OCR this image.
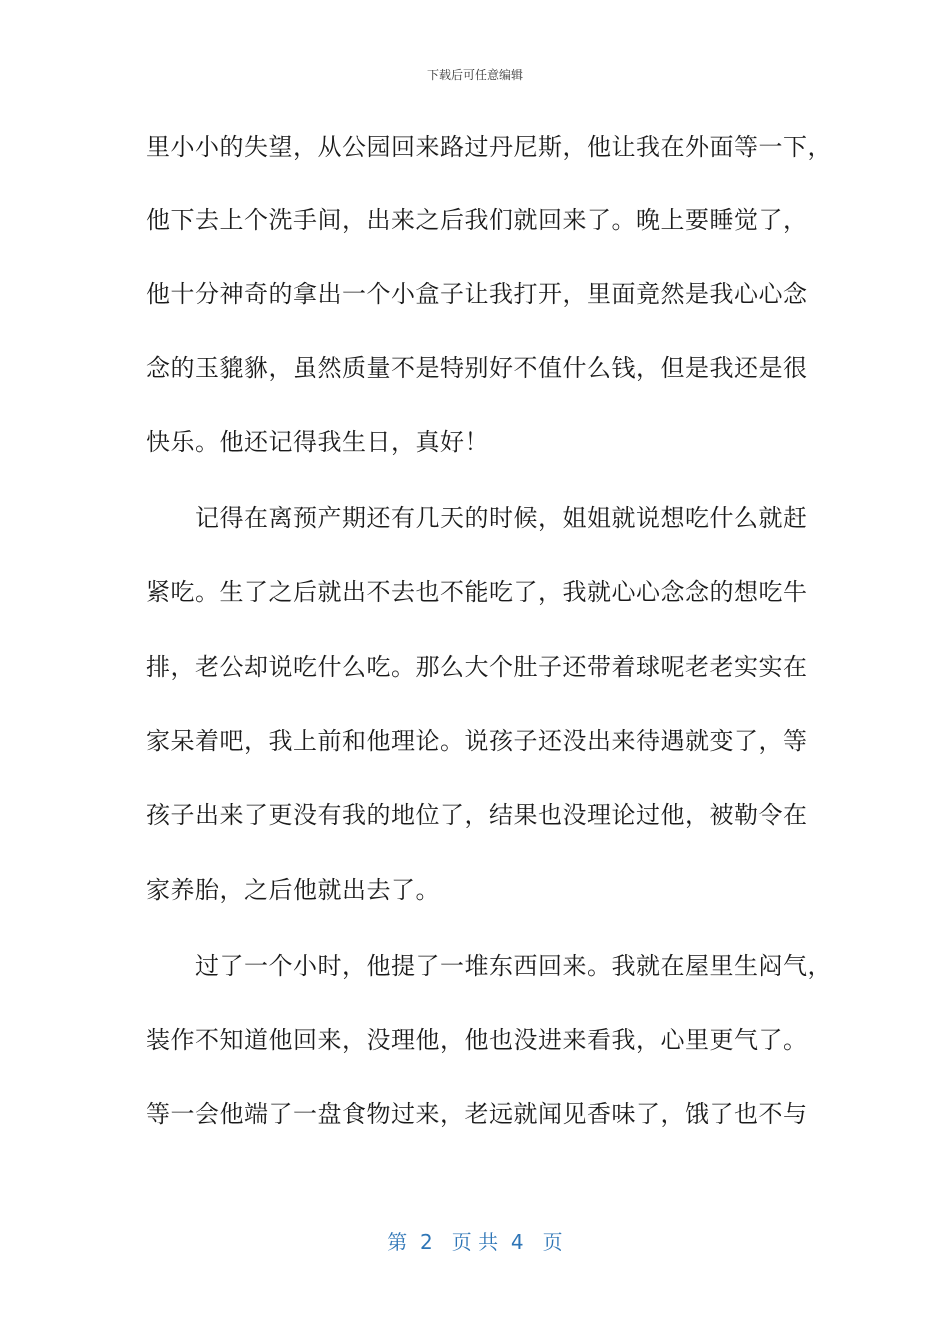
下载后可任意编辑
里小小的失望，从公园回来路过丹尼斯，他让我在外面等一下，
他下去上个洗手间，出来之后我们就回来了。晚上要睡觉了，
他十分神奇的拿出一个小盒子让我打开，里面竟然是我心心念
念的玉貔貅，虽然质量不是特别好不值什么钱，但是我还是很
快乐。他还记得我生日，真好！
　　记得在离预产期还有几天的时候，姐姐就说想吃什么就赶
紧吃。生了之后就出不去也不能吃了，我就心心念念的想吃牛
排，老公却说吃什么吃。那么大个肚子还带着球呢老老实实在
家呆着吧，我上前和他理论。说孩子还没出来待遇就变了，等
孩子出来了更没有我的地位了，结果也没理论过他，被勒令在
家养胎，之后他就出去了。
　　过了一个小时，他提了一堆东西回来。我就在屋里生闷气，
装作不知道他回来，没理他，他也没进来看我，心里更气了。
等一会他端了一盘食物过来，老远就闻见香味了，饿了也不与
第  2   页 共  4   页
